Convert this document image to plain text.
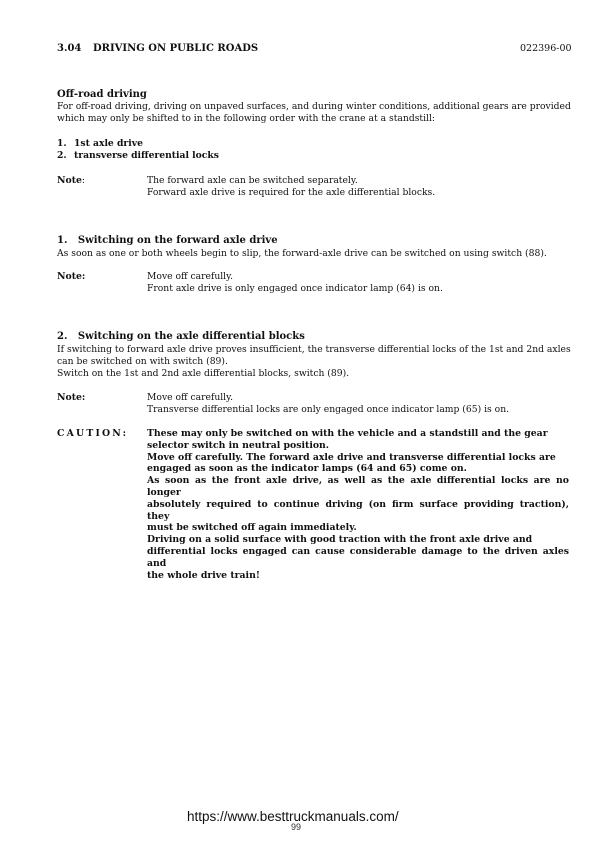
3.04 DRIVING ON PUBLIC ROADS	022396-00
Off-road driving
For off-road driving, driving on unpaved surfaces, and during winter conditions, additional gears are provided
which may only be shifted to in the following order with the crane at a standstill:
1. 1st axle drive
2. transverse differential locks
Note:	The forward axle can be switched separately.
Forward axle drive is required for the axle differential blocks.
1.   Switching on the forward axle drive
As soon as one or both wheels begin to slip, the forward-axle drive can be switched on using switch (88).
Note:	Move off carefully.
Front axle drive is only engaged once indicator lamp (64) is on.
2.   Switching on the axle differential blocks
If switching to forward axle drive proves insufficient, the transverse differential locks of the 1st and 2nd axles
can be switched on with switch (89).
Switch on the 1st and 2nd axle differential blocks, switch (89).
Note:	Move off carefully.
Transverse differential locks are only engaged once indicator lamp (65) is on.
CAUTION: These may only be switched on with the vehicle and a standstill and the gear
selector switch in neutral position.
Move off carefully. The forward axle drive and transverse differential locks are
engaged as soon as the indicator lamps (64 and 65) come on.
As soon as the front axle drive, as well as the axle differential locks are no longer
absolutely required to continue driving (on firm surface providing traction), they
must be switched off again immediately.
Driving on a solid surface with good traction with the front axle drive and
differential locks engaged can cause considerable damage to the driven axles and
the whole drive train!
https://www.besttruckmanuals.com/
99
